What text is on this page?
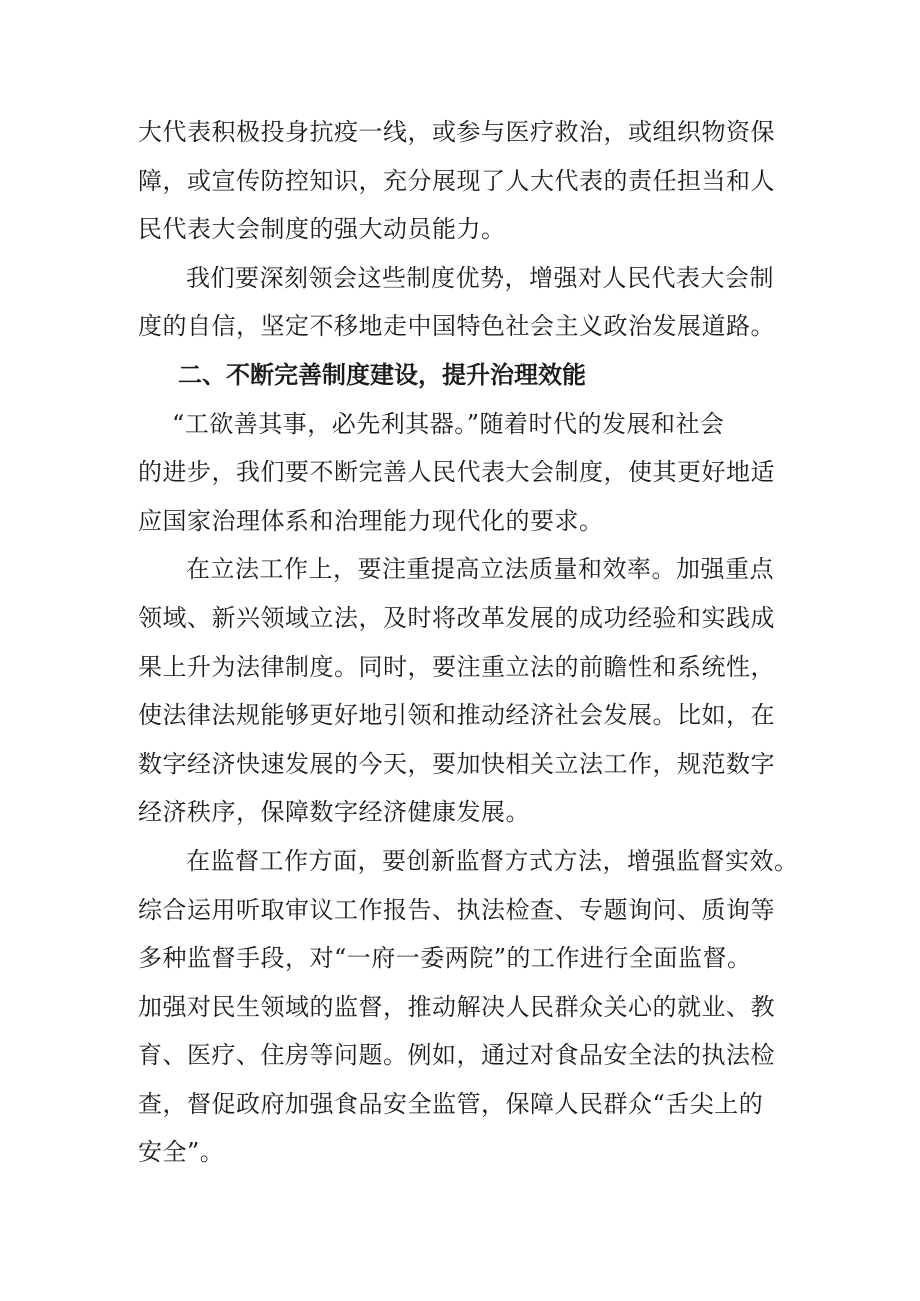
大代表积极投身抗疫一线，或参与医疗救治，或组织物资保
障，或宣传防控知识，充分展现了人大代表的责任担当和人
民代表大会制度的强大动员能力。
我们要深刻领会这些制度优势，增强对人民代表大会制
度的自信，坚定不移地走中国特色社会主义政治发展道路。
二、不断完善制度建设，提升治理效能
“工欲善其事，必先利其器。”随着时代的发展和社会
的进步，我们要不断完善人民代表大会制度，使其更好地适
应国家治理体系和治理能力现代化的要求。
在立法工作上，要注重提高立法质量和效率。加强重点
领域、新兴领域立法，及时将改革发展的成功经验和实践成
果上升为法律制度。同时，要注重立法的前瞻性和系统性，
使法律法规能够更好地引领和推动经济社会发展。比如，在
数字经济快速发展的今天，要加快相关立法工作，规范数字
经济秩序，保障数字经济健康发展。
在监督工作方面，要创新监督方式方法，增强监督实效。
综合运用听取审议工作报告、执法检查、专题询问、质询等
多种监督手段，对“一府一委两院”的工作进行全面监督。
加强对民生领域的监督，推动解决人民群众关心的就业、教
育、医疗、住房等问题。例如，通过对食品安全法的执法检
查，督促政府加强食品安全监管，保障人民群众“舌尖上的
安全”。
